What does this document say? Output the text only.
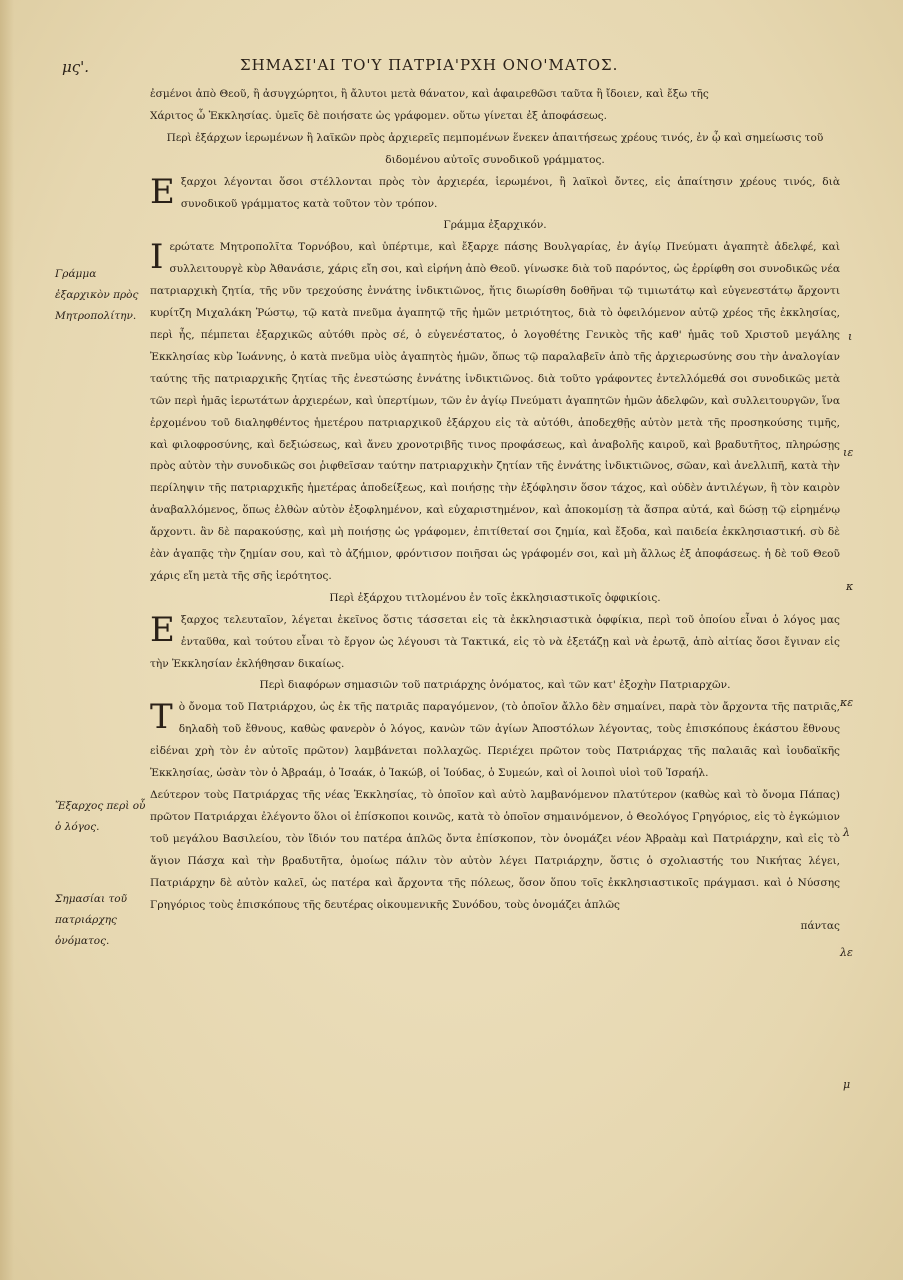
μς'.	ΣΗΜΑΣΙ'ΑΙ ΤΟ'Υ ΠΑΤΡΙΑ'ΡΧΗ ΟΝΟ'ΜΑΤΟΣ.
Γράμμα ἐξαρχικὸν πρὸς Μητροπολίτην.
Ἔξαρχος περὶ οὗ ὁ λόγος.
Σημασίαι τοῦ πατριάρχης ὀνόματος.
ι
ιε
κ
κε
λ
λε
μ

ἐσμένοι ἀπὸ Θεοῦ, ἢ ἀσυγχώρητοι, ἢ ἄλυτοι μετὰ θάνατον, καὶ ἀφαιρεθῶσι ταῦτα ἢ ἴδοιεν, καὶ ἔξω τῆς

Χάριτος ὦ Ἐκκλησίας. ὑμεῖς δὲ ποιήσατε ὡς γράφομεν. οὕτω γίνεται ἐξ ἀποφάσεως.

Περὶ ἐξάρχων ἱερωμένων ἢ λαϊκῶν πρὸς ἀρχιερεῖς πεμπομένων ἕνεκεν ἀπαιτήσεως χρέους τινός, ἐν ᾧ καὶ σημείωσις τοῦ διδομένου αὐτοῖς συνοδικοῦ γράμματος.

Εξαρχοι λέγονται ὅσοι στέλλονται πρὸς τὸν ἀρχιερέα, ἱερωμένοι, ἢ λαϊκοὶ ὄντες, εἰς ἀπαίτησιν χρέους τινός, διὰ συνοδικοῦ γράμματος κατὰ τοῦτον τὸν τρόπον.

Γράμμα ἐξαρχικόν.

Ιερώτατε Μητροπολῖτα Τορνόβου, καὶ ὑπέρτιμε, καὶ ἔξαρχε πάσης Βουλγαρίας, ἐν ἁγίῳ Πνεύματι ἀγαπητὲ ἀδελφέ, καὶ συλλειτουργὲ κὺρ Ἀθανάσιε, χάρις εἴη σοι, καὶ εἰρήνη ἀπὸ Θεοῦ. γίνωσκε διὰ τοῦ παρόντος, ὡς ἐρρίφθη σοι συνοδικῶς νέα πατριαρχικὴ ζητία, τῆς νῦν τρεχούσης ἐννάτης ἰνδικτιῶνος, ἥτις διωρίσθη δοθῆναι τῷ τιμιωτάτῳ καὶ εὐγενεστάτῳ ἄρχοντι κυρίτζη Μιχαλάκη Ῥώστῳ, τῷ κατὰ πνεῦμα ἀγαπητῷ τῆς ἡμῶν μετριότητος, διὰ τὸ ὀφειλόμενον αὐτῷ χρέος τῆς ἐκκλησίας, περὶ ἧς, πέμπεται ἐξαρχικῶς αὐτόθι πρὸς σέ, ὁ εὐγενέστατος, ὁ λογοθέτης Γενικὸς τῆς καθ' ἡμᾶς τοῦ Χριστοῦ μεγάλης Ἐκκλησίας κὺρ Ἰωάννης, ὁ κατὰ πνεῦμα υἱὸς ἀγαπητὸς ἡμῶν, ὅπως τῷ παραλαβεῖν ἀπὸ τῆς ἀρχιερωσύνης σου τὴν ἀναλογίαν ταύτης τῆς πατριαρχικῆς ζητίας τῆς ἐνεστώσης ἐννάτης ἰνδικτιῶνος. διὰ τοῦτο γράφοντες ἐντελλόμεθά σοι συνοδικῶς μετὰ τῶν περὶ ἡμᾶς ἱερωτάτων ἀρχιερέων, καὶ ὑπερτίμων, τῶν ἐν ἁγίῳ Πνεύματι ἀγαπητῶν ἡμῶν ἀδελφῶν, καὶ συλλειτουργῶν, ἵνα ἐρχομένου τοῦ διαληφθέντος ἡμετέρου πατριαρχικοῦ ἐξάρχου εἰς τὰ αὐτόθι, ἀποδεχθῇς αὐτὸν μετὰ τῆς προσηκούσης τιμῆς, καὶ φιλοφροσύνης, καὶ δεξιώσεως, καὶ ἄνευ χρονοτριβῆς τινος προφάσεως, καὶ ἀναβολῆς καιροῦ, καὶ βραδυτῆτος, πληρώσῃς πρὸς αὐτὸν τὴν συνοδικῶς σοι ῥιφθεῖσαν ταύτην πατριαρχικὴν ζητίαν τῆς ἐννάτης ἰνδικτιῶνος, σῶαν, καὶ ἀνελλιπῆ, κατὰ τὴν περίληψιν τῆς πατριαρχικῆς ἡμετέρας ἀποδείξεως, καὶ ποιήσῃς τὴν ἐξόφλησιν ὅσον τάχος, καὶ οὐδὲν ἀντιλέγων, ἢ τὸν καιρὸν ἀναβαλλόμενος, ὅπως ἐλθὼν αὐτὸν ἐξοφλημένον, καὶ εὐχαριστημένον, καὶ ἀποκομίσῃ τὰ ἄσπρα αὐτά, καὶ δώσῃ τῷ εἰρημένῳ ἄρχοντι. ἂν δὲ παρακούσῃς, καὶ μὴ ποιήσῃς ὡς γράφομεν, ἐπιτίθεταί σοι ζημία, καὶ ἔξοδα, καὶ παιδεία ἐκκλησιαστική. σὺ δὲ ἐὰν ἀγαπᾷς τὴν ζημίαν σου, καὶ τὸ ἀζήμιον, φρόντισον ποιῆσαι ὡς γράφομέν σοι, καὶ μὴ ἄλλως ἐξ ἀποφάσεως. ἡ δὲ τοῦ Θεοῦ χάρις εἴη μετὰ τῆς σῆς ἱερότητος.

Περὶ ἐξάρχου τιτλομένου ἐν τοῖς ἐκκλησιαστικοῖς ὀφφικίοις.

Εξαρχος τελευταῖον, λέγεται ἐκεῖνος ὅστις τάσσεται εἰς τὰ ἐκκλησιαστικὰ ὀφφίκια, περὶ τοῦ ὁποίου εἶναι ὁ λόγος μας ἐνταῦθα, καὶ τούτου εἶναι τὸ ἔργον ὡς λέγουσι τὰ Τακτικά, εἰς τὸ νὰ ἐξετάζῃ καὶ νὰ ἐρωτᾷ, ἀπὸ αἰτίας ὅσοι ἔγιναν εἰς τὴν Ἐκκλησίαν ἐκλήθησαν δικαίως.

Περὶ διαφόρων σημασιῶν τοῦ πατριάρχης ὀνόματος, καὶ τῶν κατ' ἐξοχὴν Πατριαρχῶν.

Τὸ ὄνομα τοῦ Πατριάρχου, ὡς ἐκ τῆς πατριᾶς παραγόμενον, (τὸ ὁποῖον ἄλλο δὲν σημαίνει, παρὰ τὸν ἄρχοντα τῆς πατριᾶς, δηλαδὴ τοῦ ἔθνους, καθὼς φανερὸν ὁ λόγος, κανὼν τῶν ἁγίων Ἀποστόλων λέγοντας, τοὺς ἐπισκόπους ἑκάστου ἔθνους εἰδέναι χρὴ τὸν ἐν αὐτοῖς πρῶτον) λαμβάνεται πολλαχῶς. Περιέχει πρῶτον τοὺς Πατριάρχας τῆς παλαιᾶς καὶ ἰουδαϊκῆς Ἐκκλησίας, ὡσὰν τὸν ὁ Ἀβραάμ, ὁ Ἰσαάκ, ὁ Ἰακώβ, οἱ Ἰούδας, ὁ Συμεών, καὶ οἱ λοιποὶ υἱοὶ τοῦ Ἰσραήλ.

Δεύτερον τοὺς Πατριάρχας τῆς νέας Ἐκκλησίας, τὸ ὁποῖον καὶ αὐτὸ λαμβανόμενον πλατύτερον (καθὼς καὶ τὸ ὄνομα Πάπας) πρῶτον Πατριάρχαι ἐλέγοντο ὅλοι οἱ ἐπίσκοποι κοινῶς, κατὰ τὸ ὁποῖον σημαινόμενον, ὁ Θεολόγος Γρηγόριος, εἰς τὸ ἐγκώμιον τοῦ μεγάλου Βασιλείου, τὸν ἴδιόν του πατέρα ἁπλῶς ὄντα ἐπίσκοπον, τὸν ὀνομάζει νέον Ἀβραὰμ καὶ Πατριάρχην, καὶ εἰς τὸ ἅγιον Πάσχα καὶ τὴν βραδυτῆτα, ὁμοίως πάλιν τὸν αὐτὸν λέγει Πατριάρχην, ὅστις ὁ σχολιαστής του Νικήτας λέγει, Πατριάρχην δὲ αὐτὸν καλεῖ, ὡς πατέρα καὶ ἄρχοντα τῆς πόλεως, ὅσον ὅπου τοῖς ἐκκλησιαστικοῖς πράγμασι. καὶ ὁ Νύσσης Γρηγόριος τοὺς ἐπισκόπους τῆς δευτέρας οἰκουμενικῆς Συνόδου, τοὺς ὀνομάζει ἁπλῶς

πάντας
